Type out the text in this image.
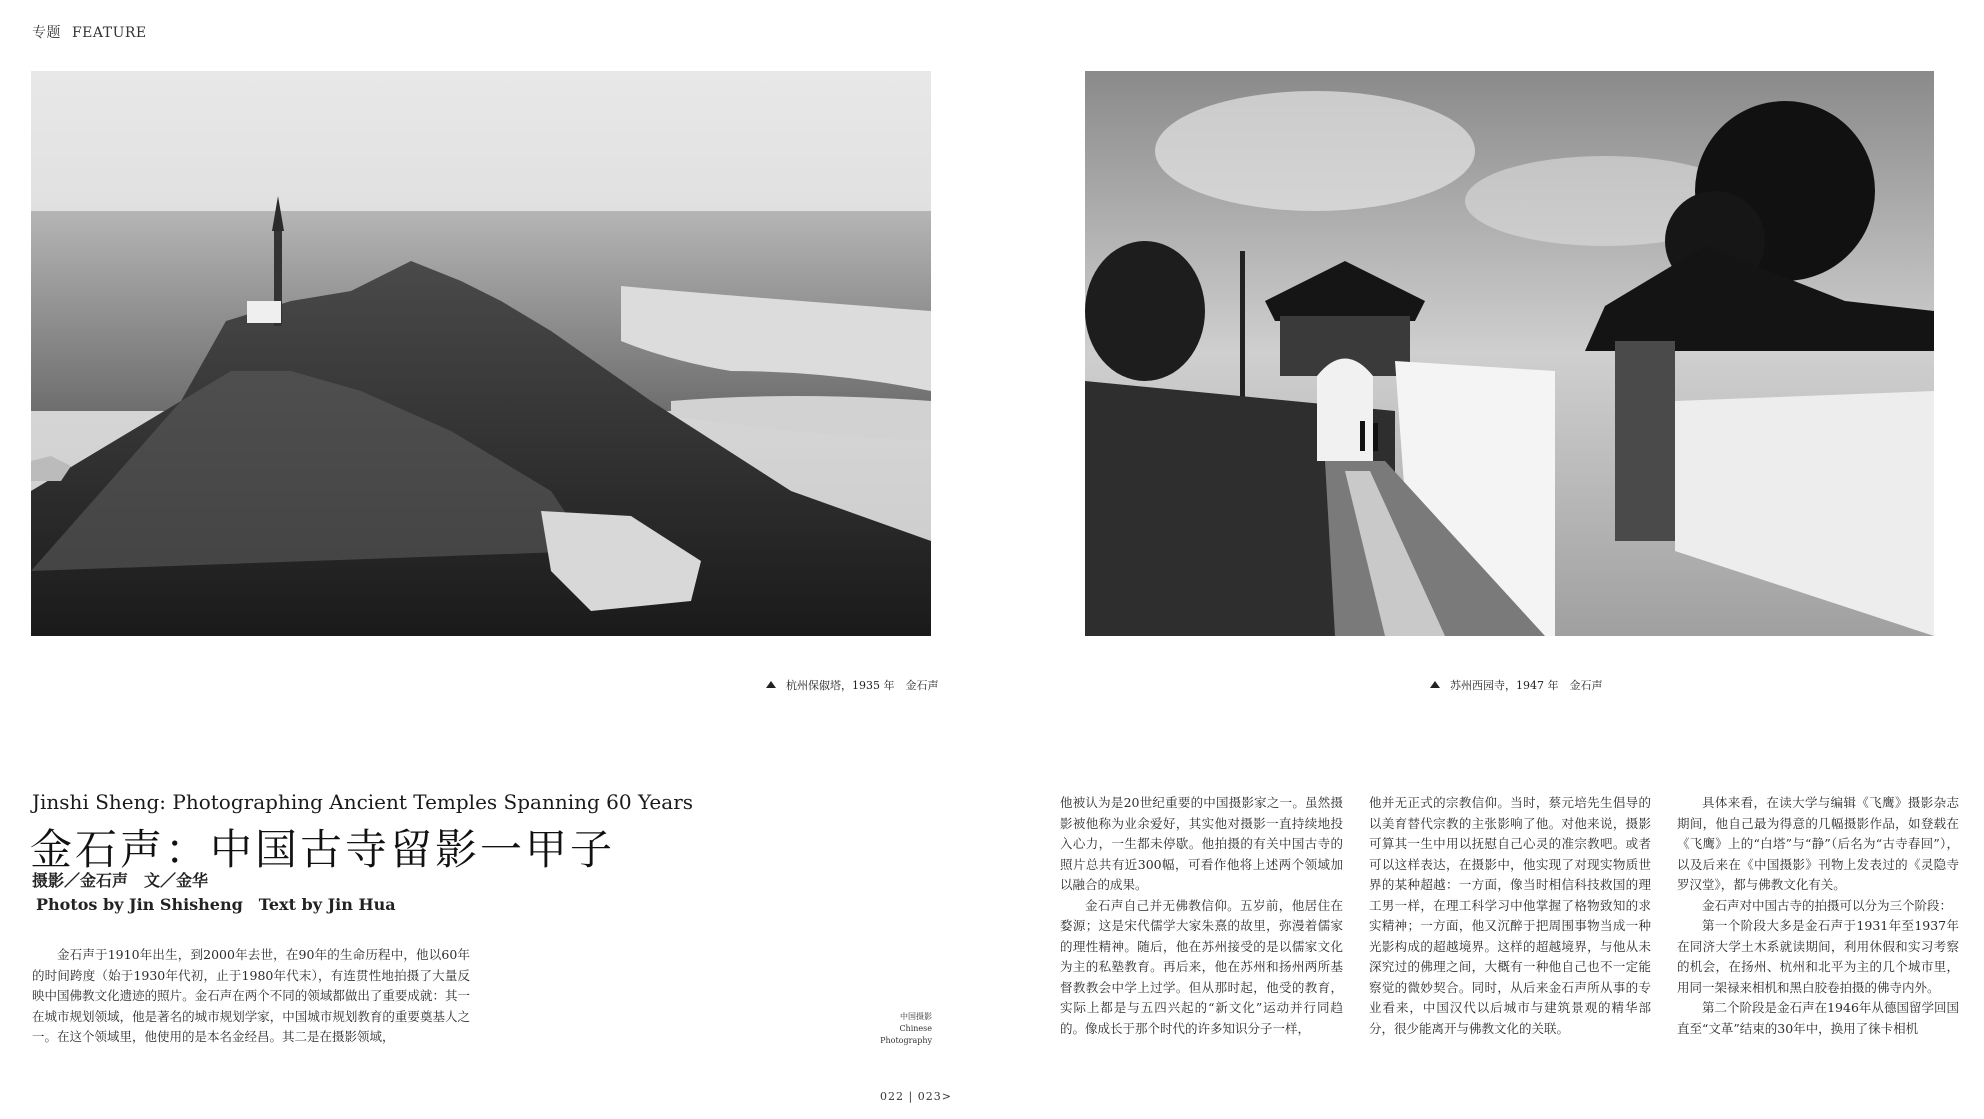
专题 FEATURE
杭州保俶塔，1935 年　金石声	苏州西园寺，1947 年　金石声
Jinshi Sheng: Photographing Ancient Temples Spanning 60 Years
金石声：中国古寺留影一甲子
摄影／金石声　文／金华
Photos by Jin Shisheng　Text by Jin Hua

金石声于1910年出生，到2000年去世，在90年的生命历程中，他以60年的时间跨度（始于1930年代初，止于1980年代末），有连贯性地拍摄了大量反映中国佛教文化遗迹的照片。金石声在两个不同的领域都做出了重要成就：其一在城市规划领域，他是著名的城市规划学家，中国城市规划教育的重要奠基人之一。在这个领域里，他使用的是本名金经昌。其二是在摄影领域，

中国摄影
Chinese
Photography

他被认为是20世纪重要的中国摄影家之一。虽然摄影被他称为业余爱好，其实他对摄影一直持续地投入心力，一生都未停歇。他拍摄的有关中国古寺的照片总共有近300幅，可看作他将上述两个领域加以融合的成果。

金石声自己并无佛教信仰。五岁前，他居住在婺源；这是宋代儒学大家朱熹的故里，弥漫着儒家的理性精神。随后，他在苏州接受的是以儒家文化为主的私塾教育。再后来，他在苏州和扬州两所基督教教会中学上过学。但从那时起，他受的教育，实际上都是与五四兴起的“新文化”运动并行同趋的。像成长于那个时代的许多知识分子一样，

他并无正式的宗教信仰。当时，蔡元培先生倡导的以美育替代宗教的主张影响了他。对他来说，摄影可算其一生中用以抚慰自己心灵的准宗教吧。或者可以这样表达，在摄影中，他实现了对现实物质世界的某种超越：一方面，像当时相信科技救国的理工男一样，在理工科学习中他掌握了格物致知的求实精神；一方面，他又沉醉于把周围事物当成一种光影构成的超越境界。这样的超越境界，与他从未深究过的佛理之间，大概有一种他自己也不一定能察觉的微妙契合。同时，从后来金石声所从事的专业看来，中国汉代以后城市与建筑景观的精华部分，很少能离开与佛教文化的关联。

具体来看，在读大学与编辑《飞鹰》摄影杂志期间，他自己最为得意的几幅摄影作品，如登载在《飞鹰》上的“白塔”与“静”（后名为“古寺春回”），以及后来在《中国摄影》刊物上发表过的《灵隐寺罗汉堂》，都与佛教文化有关。

金石声对中国古寺的拍摄可以分为三个阶段：

第一个阶段大多是金石声于1931年至1937年在同济大学土木系就读期间，利用休假和实习考察的机会，在扬州、杭州和北平为主的几个城市里，用同一架禄来相机和黑白胶卷拍摄的佛寺内外。

第二个阶段是金石声在1946年从德国留学回国直至“文革”结束的30年中，换用了徕卡相机

022 | 023>
